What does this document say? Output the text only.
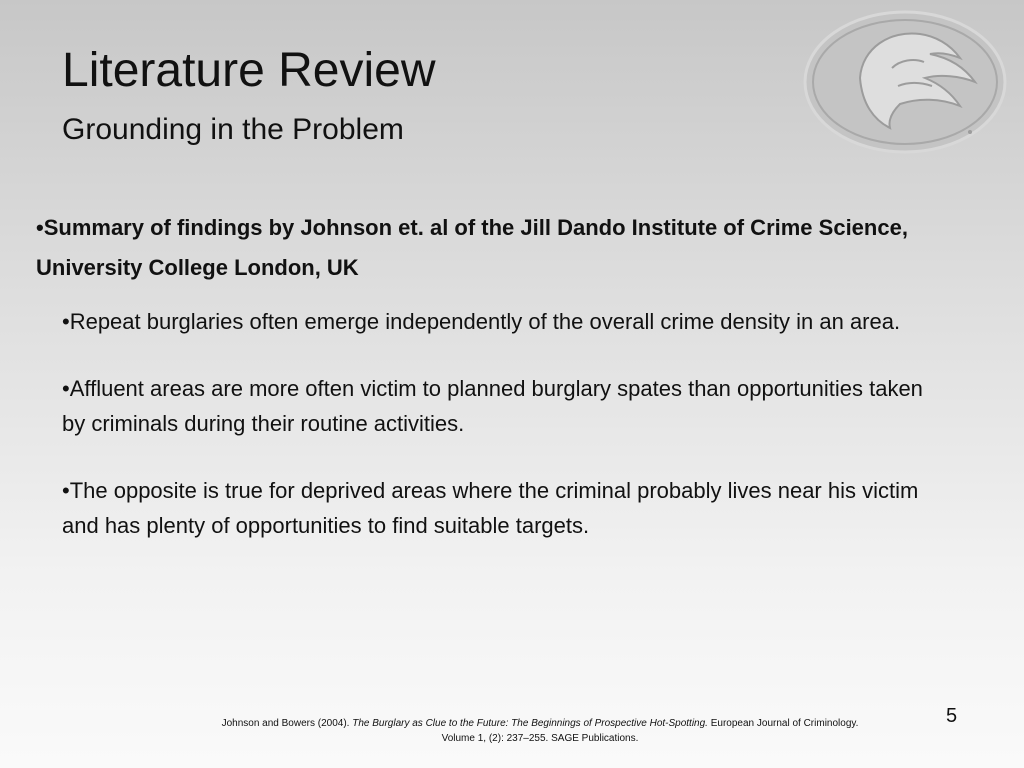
Literature Review
Grounding in the Problem

•Summary of findings by Johnson et. al of the Jill Dando Institute of Crime Science, University College London, UK

•Repeat burglaries often emerge independently of the overall crime density in an area.
•Affluent areas are more often victim to planned burglary spates than opportunities taken by criminals during their routine activities.
•The opposite is true for deprived areas where the criminal probably lives near his victim and has plenty of opportunities to find suitable targets.
Johnson and Bowers (2004). The Burglary as Clue to the Future: The Beginnings of Prospective Hot-Spotting. European Journal of Criminology.
Volume 1, (2): 237–255. SAGE Publications.
5
